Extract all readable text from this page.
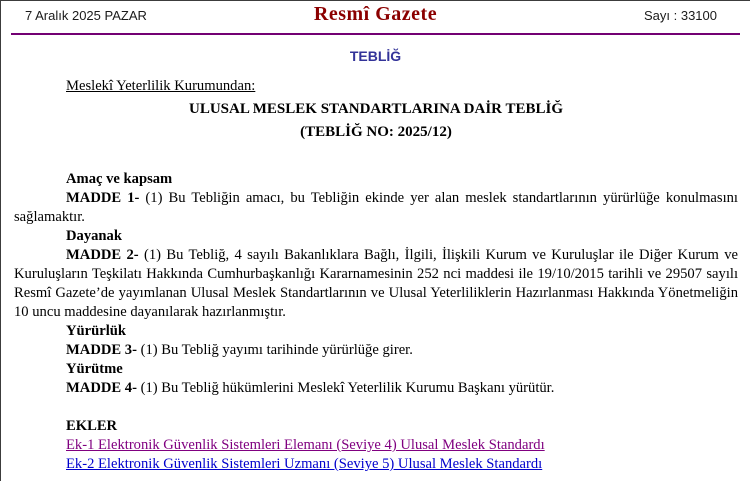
7 Aralık 2025 PAZAR	Resmî Gazete	Sayı : 33100
TEBLİĞ

Meslekî Yeterlilik Kurumundan:

ULUSAL MESLEK STANDARTLARINA DAİR TEBLİĞ

(TEBLİĞ NO: 2025/12)

Amaç ve kapsam

MADDE 1- (1) Bu Tebliğin amacı, bu Tebliğin ekinde yer alan meslek standartlarının yürürlüğe konulmasını sağlamaktır.

Dayanak

MADDE 2- (1) Bu Tebliğ, 4 sayılı Bakanlıklara Bağlı, İlgili, İlişkili Kurum ve Kuruluşlar ile Diğer Kurum ve Kuruluşların Teşkilatı Hakkında Cumhurbaşkanlığı Kararnamesinin 252 nci maddesi ile 19/10/2015 tarihli ve 29507 sayılı Resmî Gazete’de yayımlanan Ulusal Meslek Standartlarının ve Ulusal Yeterliliklerin Hazırlanması Hakkında Yönetmeliğin 10 uncu maddesine dayanılarak hazırlanmıştır.

Yürürlük

MADDE 3- (1) Bu Tebliğ yayımı tarihinde yürürlüğe girer.

Yürütme

MADDE 4- (1) Bu Tebliğ hükümlerini Meslekî Yeterlilik Kurumu Başkanı yürütür.

EKLER

Ek-1 Elektronik Güvenlik Sistemleri Elemanı (Seviye 4) Ulusal Meslek Standardı

Ek-2 Elektronik Güvenlik Sistemleri Uzmanı (Seviye 5) Ulusal Meslek Standardı
